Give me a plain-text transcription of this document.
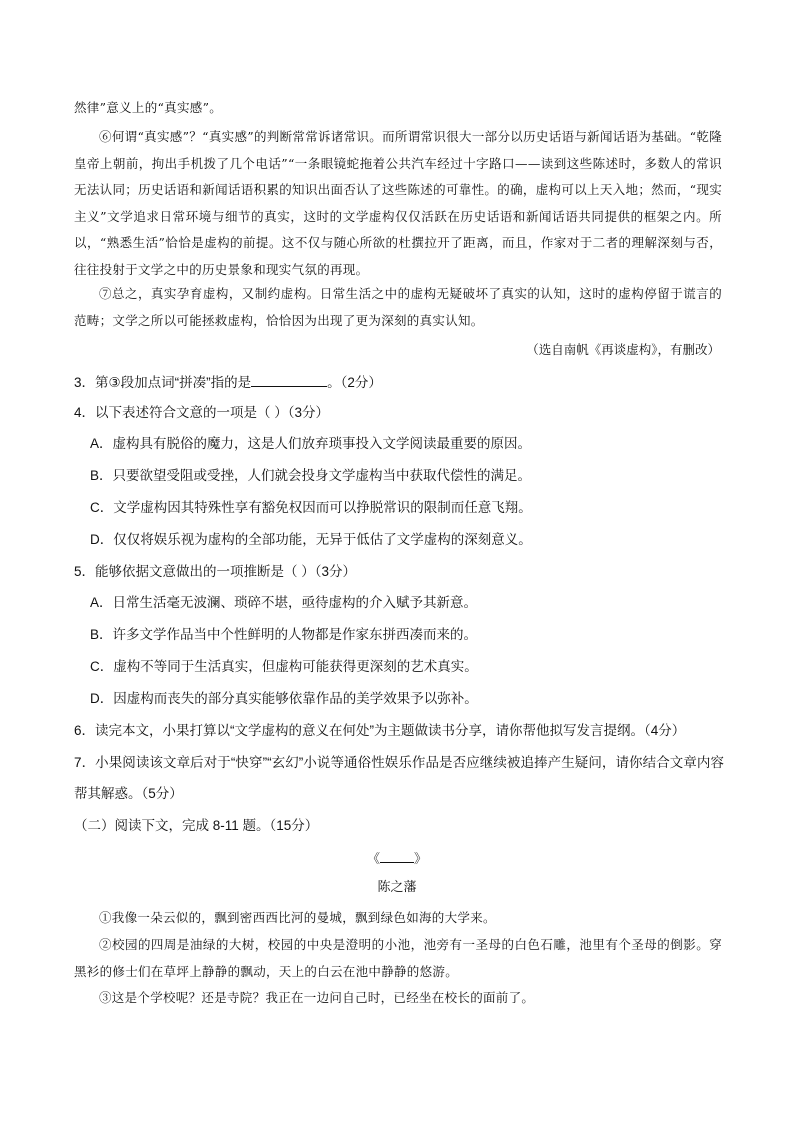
然律”意义上的“真实感”。
⑥何谓“真实感”？“真实感”的判断常常诉诸常识。而所谓常识很大一部分以历史话语与新闻话语为基础。“乾隆皇帝上朝前，拘出手机拨了几个电话”“一条眼镜蛇拖着公共汽车经过十字路口——读到这些陈述时，多数人的常识无法认同；历史话语和新闻话语积累的知识出面否认了这些陈述的可靠性。的确，虚构可以上天入地；然而，“现实主义”文学追求日常环境与细节的真实，这时的文学虚构仅仅活跃在历史话语和新闻话语共同提供的框架之内。所以，“熟悉生活”恰恰是虚构的前提。这不仅与随心所欲的杜撰拉开了距离，而且，作家对于二者的理解深刻与否，往往投射于文学之中的历史景象和现实气氛的再现。
⑦总之，真实孕育虚构，又制约虚构。日常生活之中的虚构无疑破坏了真实的认知，这时的虚构停留于谎言的范畴；文学之所以可能拯救虚构，恰恰因为出现了更为深刻的真实认知。
（选自南帆《再谈虚构》，有删改）
3．第③段加点词“拼凑”指的是	。（2分）
4．以下表述符合文意的一项是（ ）（3分）
A．虚构具有脱俗的魔力，这是人们放弃琐事投入文学阅读最重要的原因。
B．只要欲望受阻或受挫，人们就会投身文学虚构当中获取代偿性的满足。
C．文学虚构因其特殊性享有豁免权因而可以挣脱常识的限制而任意飞翔。
D．仅仅将娱乐视为虚构的全部功能，无异于低估了文学虚构的深刻意义。
5．能够依据文意做出的一项推断是（ ）（3分）
A．日常生活毫无波澜、琐碎不堪，亟待虚构的介入赋予其新意。
B．许多文学作品当中个性鲜明的人物都是作家东拼西凑而来的。
C．虚构不等同于生活真实，但虚构可能获得更深刻的艺术真实。
D．因虚构而丧失的部分真实能够依靠作品的美学效果予以弥补。
6．读完本文，小果打算以“文学虚构的意义在何处”为主题做读书分享，请你帮他拟写发言提纲。（4分）
7．小果阅读该文章后对于“快穿”“玄幻”小说等通俗性娱乐作品是否应继续被追捧产生疑问，请你结合文章内容帮其解惑。（5分）
（二）阅读下文，完成 8-11 题。（15分）
《	》
陈之藩
①我像一朵云似的，飘到密西西比河的曼城，飘到绿色如海的大学来。
②校园的四周是油绿的大树，校园的中央是澄明的小池，池旁有一圣母的白色石雕，池里有个圣母的倒影。穿黑衫的修士们在草坪上静静的飘动，天上的白云在池中静静的悠游。
③这是个学校呢？还是寺院？我正在一边问自己时，已经坐在校长的面前了。
